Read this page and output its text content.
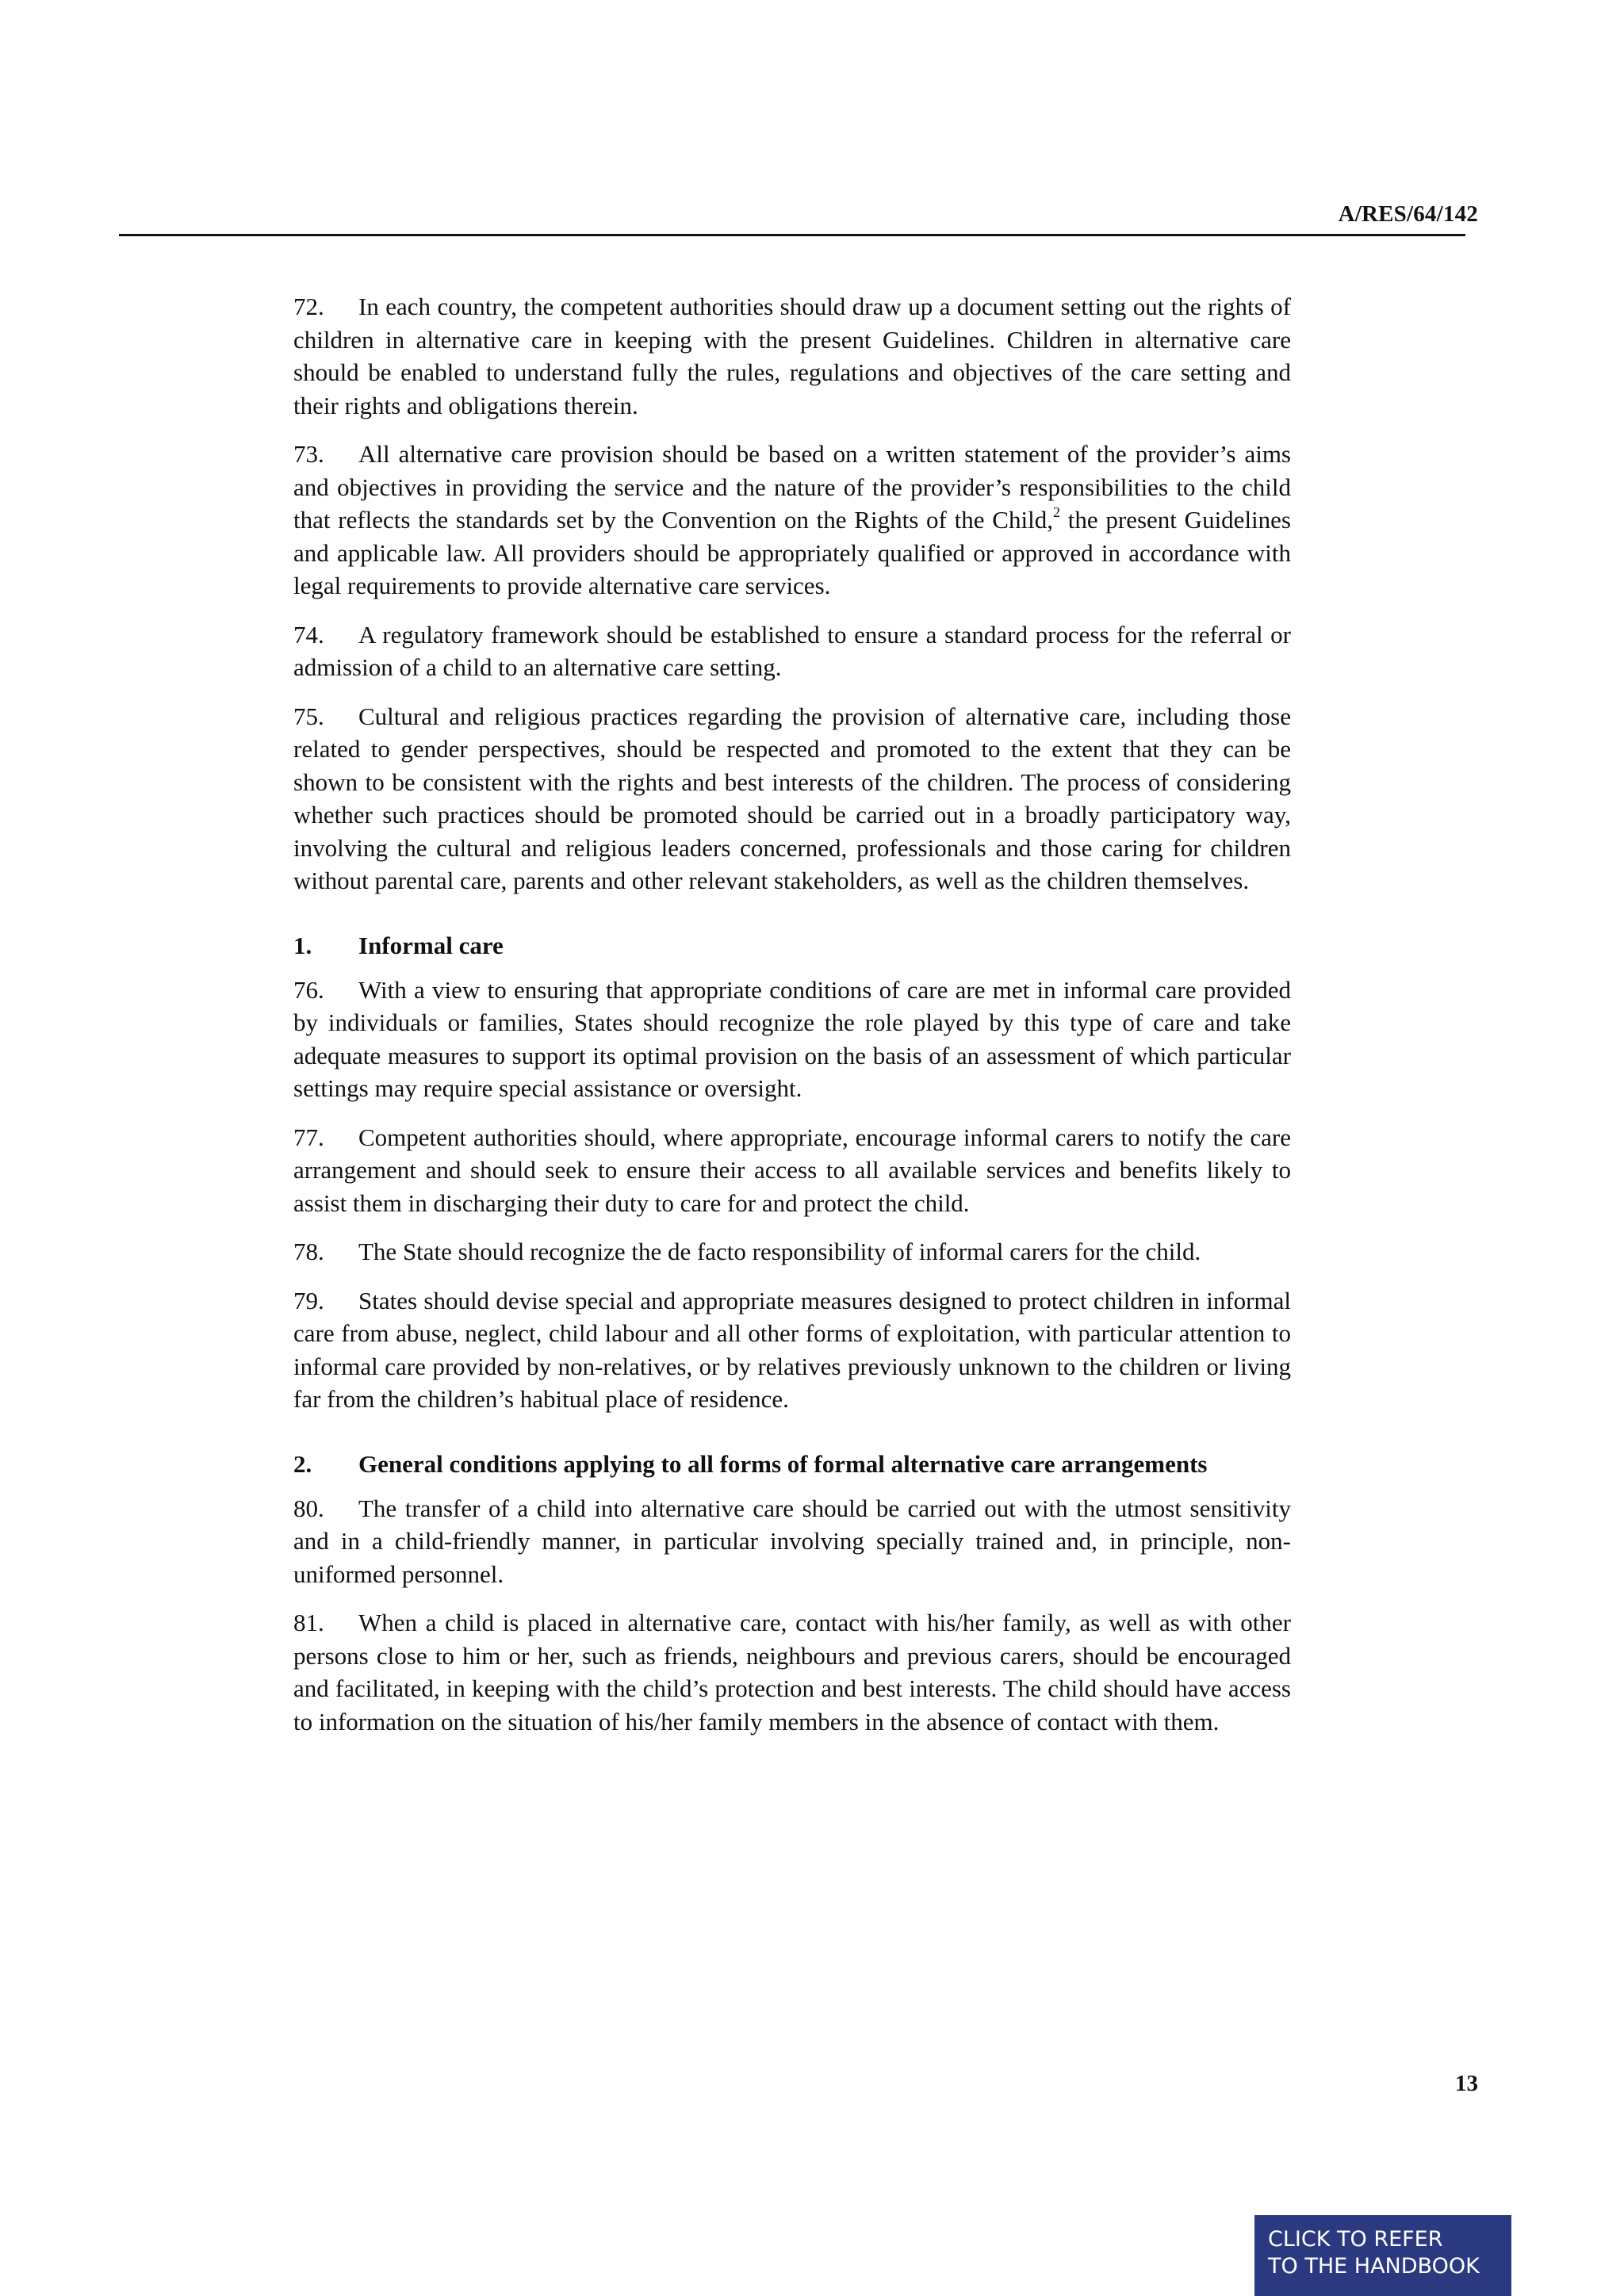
A/RES/64/142

72. In each country, the competent authorities should draw up a document setting out the rights of children in alternative care in keeping with the present Guidelines. Children in alternative care should be enabled to understand fully the rules, regulations and objectives of the care setting and their rights and obligations therein.

73. All alternative care provision should be based on a written statement of the provider’s aims and objectives in providing the service and the nature of the provider’s responsibilities to the child that reflects the standards set by the Convention on the Rights of the Child,$^2$ the present Guidelines and applicable law. All providers should be appropriately qualified or approved in accordance with legal requirements to provide alternative care services.

74. A regulatory framework should be established to ensure a standard process for the referral or admission of a child to an alternative care setting.

75. Cultural and religious practices regarding the provision of alternative care, including those related to gender perspectives, should be respected and promoted to the extent that they can be shown to be consistent with the rights and best interests of the children. The process of considering whether such practices should be promoted should be carried out in a broadly participatory way, involving the cultural and religious leaders concerned, professionals and those caring for children without parental care, parents and other relevant stakeholders, as well as the children themselves.

1.	Informal care

76. With a view to ensuring that appropriate conditions of care are met in informal care provided by individuals or families, States should recognize the role played by this type of care and take adequate measures to support its optimal provision on the basis of an assessment of which particular settings may require special assistance or oversight.

77. Competent authorities should, where appropriate, encourage informal carers to notify the care arrangement and should seek to ensure their access to all available services and benefits likely to assist them in discharging their duty to care for and protect the child.

78. The State should recognize the de facto responsibility of informal carers for the child.

79. States should devise special and appropriate measures designed to protect children in informal care from abuse, neglect, child labour and all other forms of exploitation, with particular attention to informal care provided by non-relatives, or by relatives previously unknown to the children or living far from the children’s habitual place of residence.

2.	General conditions applying to all forms of formal alternative care arrangements

80. The transfer of a child into alternative care should be carried out with the utmost sensitivity and in a child-friendly manner, in particular involving specially trained and, in principle, non-uniformed personnel.

81. When a child is placed in alternative care, contact with his/her family, as well as with other persons close to him or her, such as friends, neighbours and previous carers, should be encouraged and facilitated, in keeping with the child’s protection and best interests. The child should have access to information on the situation of his/her family members in the absence of contact with them.

13
CLICK TO REFER
TO THE HANDBOOK
